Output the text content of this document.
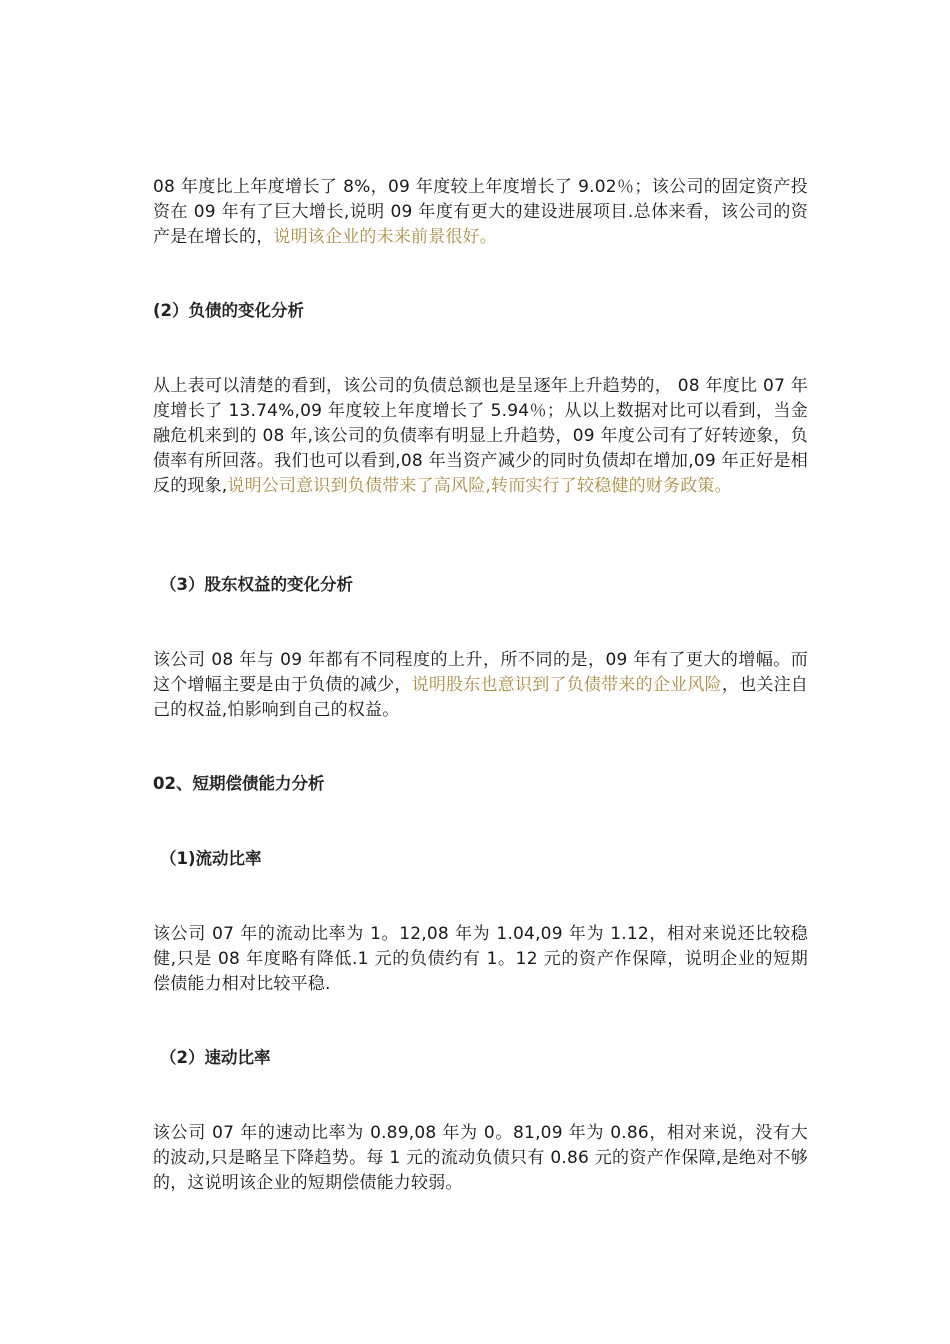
08 年度比上年度增长了 8%，09 年度较上年度增长了 9.02％；该公司的固定资产投资在 09 年有了巨大增长,说明 09 年度有更大的建设进展项目.总体来看，该公司的资产是在增长的，说明该企业的未来前景很好。

(2）负债的变化分析

从上表可以清楚的看到，该公司的负债总额也是呈逐年上升趋势的， 08 年度比 07 年度增长了 13.74%,09 年度较上年度增长了 5.94％；从以上数据对比可以看到，当金融危机来到的 08 年,该公司的负债率有明显上升趋势，09 年度公司有了好转迹象，负债率有所回落。我们也可以看到,08 年当资产减少的同时负债却在增加,09 年正好是相反的现象,说明公司意识到负债带来了高风险,转而实行了较稳健的财务政策。

（3）股东权益的变化分析

该公司 08 年与 09 年都有不同程度的上升，所不同的是，09 年有了更大的增幅。而这个增幅主要是由于负债的减少，说明股东也意识到了负债带来的企业风险，也关注自己的权益,怕影响到自己的权益。

02、短期偿债能力分析
（1)流动比率

该公司 07 年的流动比率为 1。12,08 年为 1.04,09 年为 1.12，相对来说还比较稳健,只是 08 年度略有降低.1 元的负债约有 1。12 元的资产作保障，说明企业的短期偿债能力相对比较平稳.

（2）速动比率

该公司 07 年的速动比率为 0.89,08 年为 0。81,09 年为 0.86，相对来说，没有大的波动,只是略呈下降趋势。每 1 元的流动负债只有 0.86 元的资产作保障,是绝对不够的，这说明该企业的短期偿债能力较弱。
